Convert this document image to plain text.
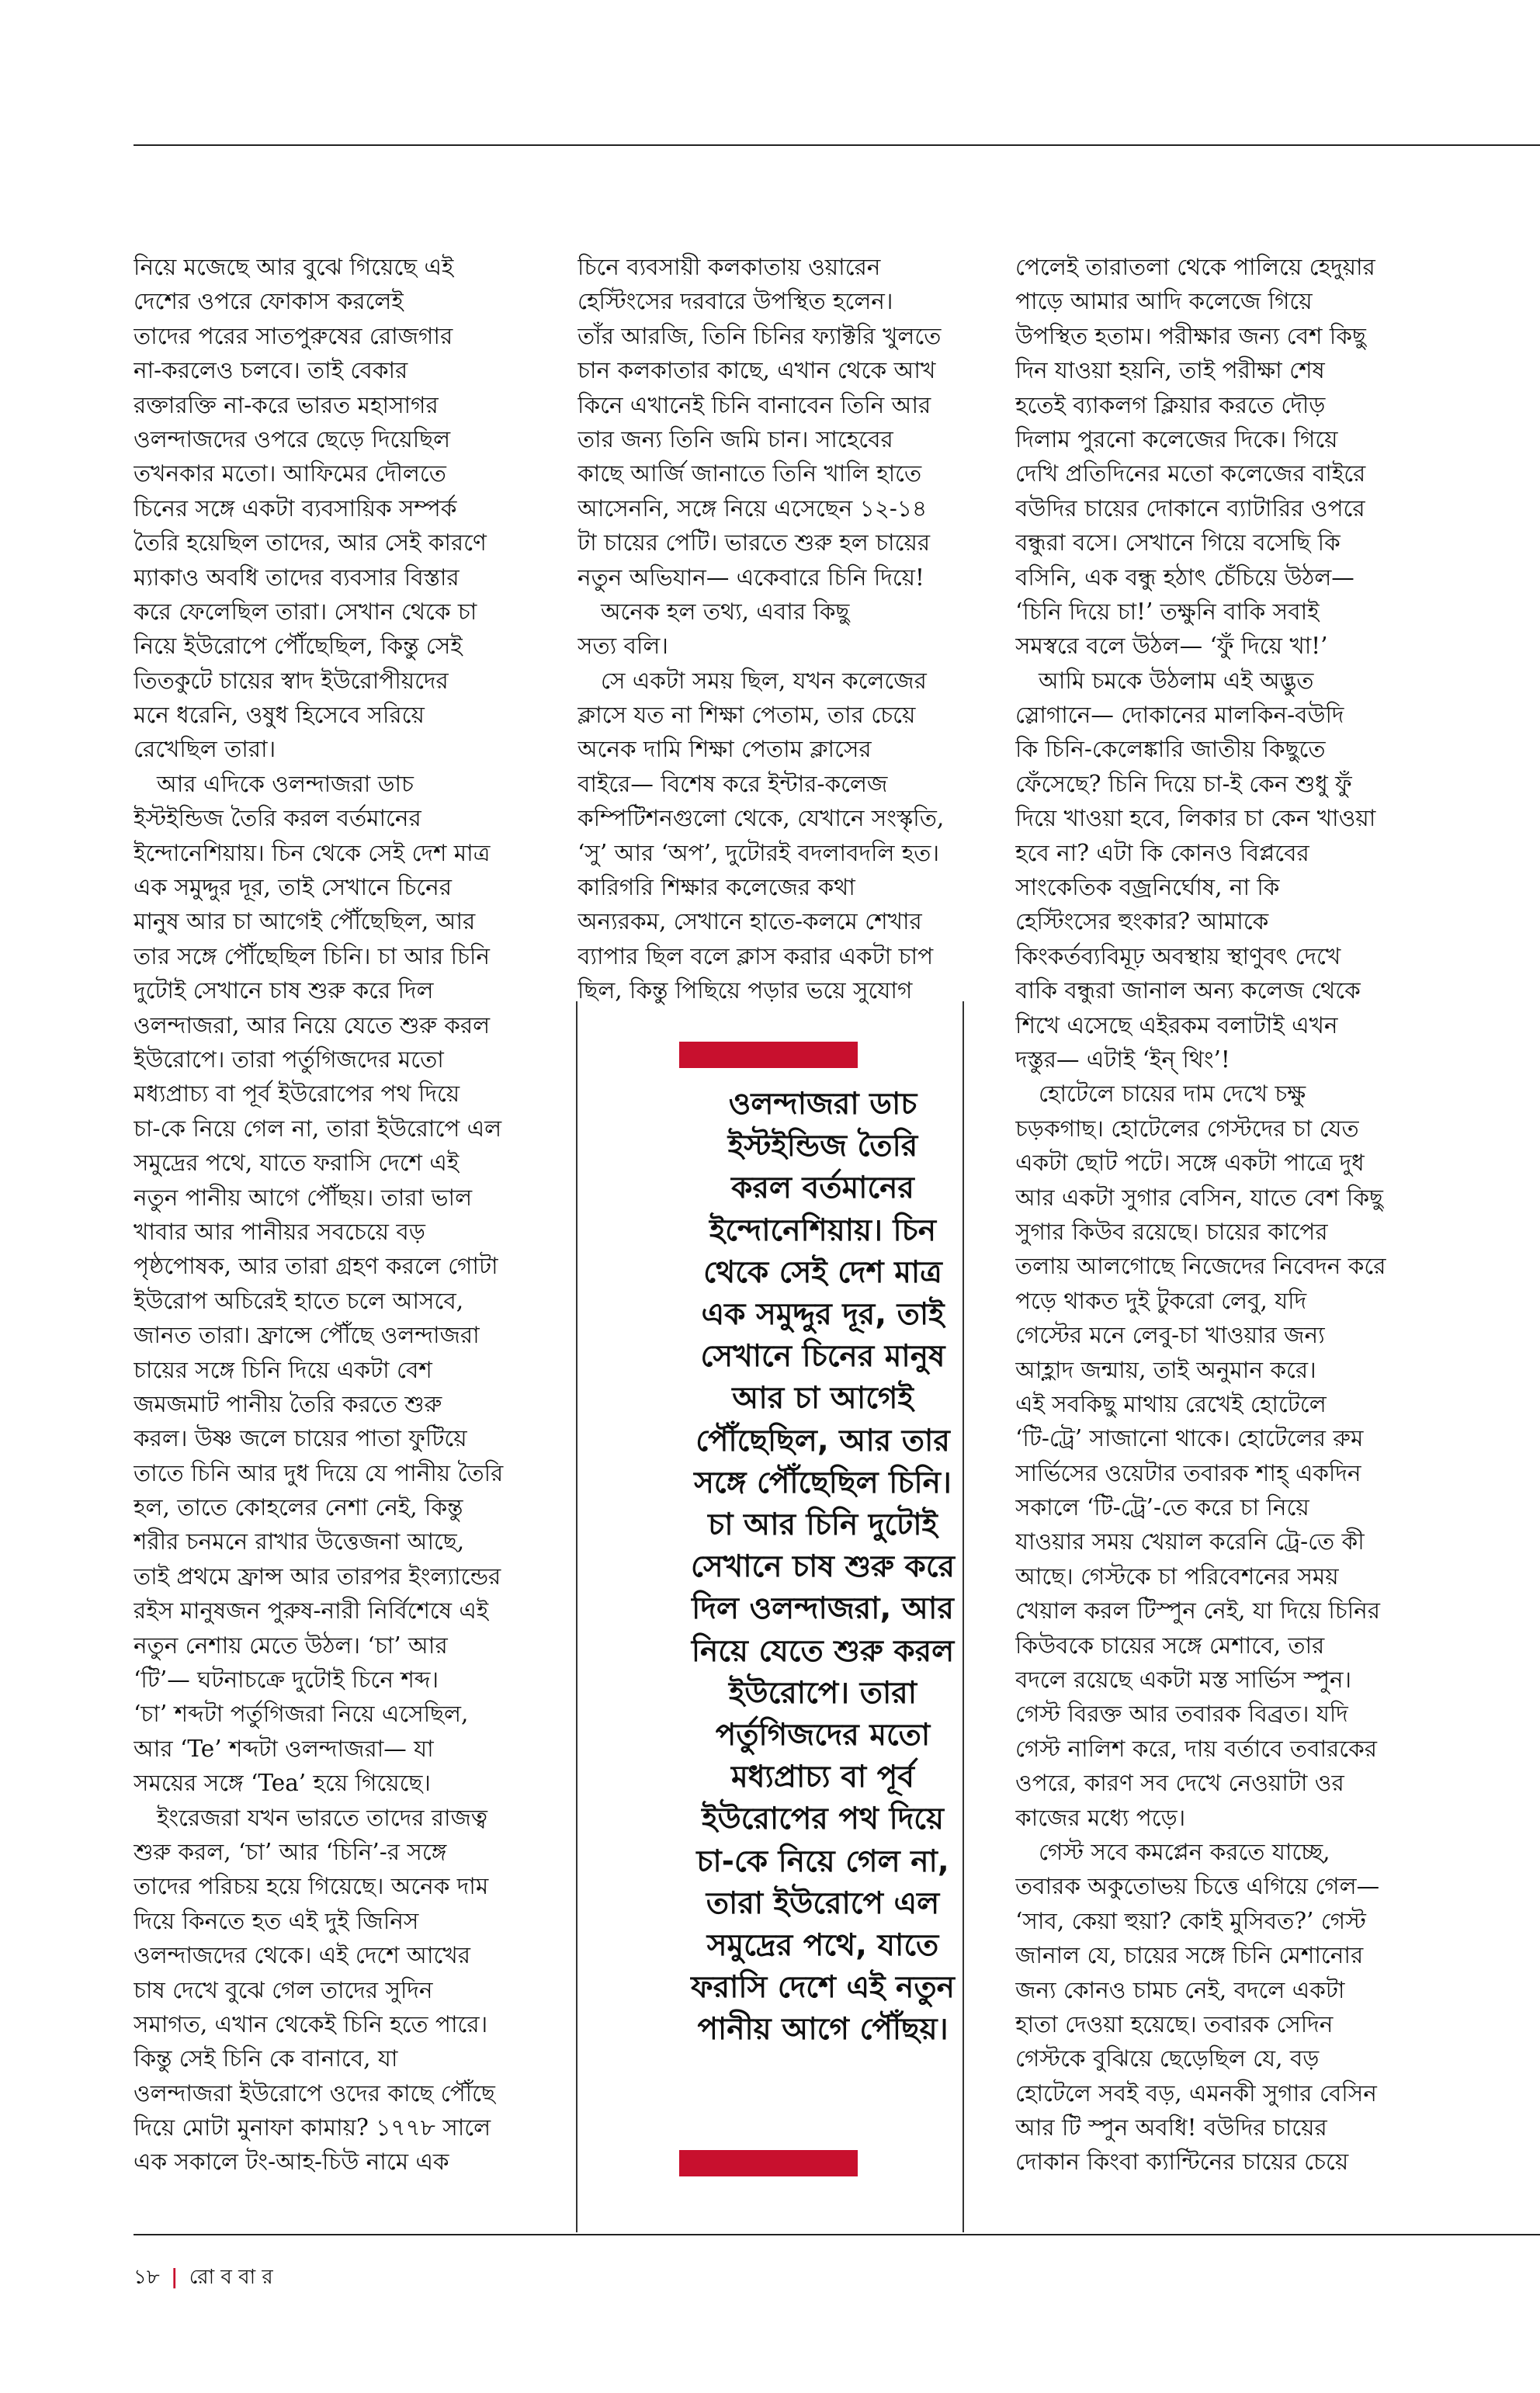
নিয়ে মজেছে আর বুঝে গিয়েছে এই
দেশের ওপরে ফোকাস করলেই
তাদের পরের সাতপুরুষের রোজগার
না-করলেও চলবে। তাই বেকার
রক্তারক্তি না-করে ভারত মহাসাগর
ওলন্দাজদের ওপরে ছেড়ে দিয়েছিল
তখনকার মতো। আফিমের দৌলতে
চিনের সঙ্গে একটা ব্যবসায়িক সম্পর্ক
তৈরি হয়েছিল তাদের, আর সেই কারণে
ম্যাকাও অবধি তাদের ব্যবসার বিস্তার
করে ফেলেছিল তারা। সেখান থেকে চা
নিয়ে ইউরোপে পৌঁছেছিল, কিন্তু সেই
তিতকুটে চায়ের স্বাদ ইউরোপীয়দের
মনে ধরেনি, ওষুধ হিসেবে সরিয়ে
রেখেছিল তারা।
আর এদিকে ওলন্দাজরা ডাচ
ইস্টইন্ডিজ তৈরি করল বর্তমানের
ইন্দোনেশিয়ায়। চিন থেকে সেই দেশ মাত্র
এক সমুদ্দুর দূর, তাই সেখানে চিনের
মানুষ আর চা আগেই পৌঁছেছিল, আর
তার সঙ্গে পৌঁছেছিল চিনি। চা আর চিনি
দুটোই সেখানে চাষ শুরু করে দিল
ওলন্দাজরা, আর নিয়ে যেতে শুরু করল
ইউরোপে। তারা পর্তুগিজদের মতো
মধ্যপ্রাচ্য বা পূর্ব ইউরোপের পথ দিয়ে
চা-কে নিয়ে গেল না, তারা ইউরোপে এল
সমুদ্রের পথে, যাতে ফরাসি দেশে এই
নতুন পানীয় আগে পৌঁছয়। তারা ভাল
খাবার আর পানীয়র সবচেয়ে বড়
পৃষ্ঠপোষক, আর তারা গ্রহণ করলে গোটা
ইউরোপ অচিরেই হাতে চলে আসবে,
জানত তারা। ফ্রান্সে পৌঁছে ওলন্দাজরা
চায়ের সঙ্গে চিনি দিয়ে একটা বেশ
জমজমাট পানীয় তৈরি করতে শুরু
করল। উষ্ণ জলে চায়ের পাতা ফুটিয়ে
তাতে চিনি আর দুধ দিয়ে যে পানীয় তৈরি
হল, তাতে কোহলের নেশা নেই, কিন্তু
শরীর চনমনে রাখার উত্তেজনা আছে,
তাই প্রথমে ফ্রান্স আর তারপর ইংল্যান্ডের
রইস মানুষজন পুরুষ-নারী নির্বিশেষে এই
নতুন নেশায় মেতে উঠল। ‘চা’ আর
‘টি’— ঘটনাচক্রে দুটোই চিনে শব্দ।
‘চা’ শব্দটা পর্তুগিজরা নিয়ে এসেছিল,
আর ‘Te’ শব্দটা ওলন্দাজরা— যা
সময়ের সঙ্গে ‘Tea’ হয়ে গিয়েছে।
ইংরেজরা যখন ভারতে তাদের রাজত্ব
শুরু করল, ‘চা’ আর ‘চিনি’-র সঙ্গে
তাদের পরিচয় হয়ে গিয়েছে। অনেক দাম
দিয়ে কিনতে হত এই দুই জিনিস
ওলন্দাজদের থেকে। এই দেশে আখের
চাষ দেখে বুঝে গেল তাদের সুদিন
সমাগত, এখান থেকেই চিনি হতে পারে।
কিন্তু সেই চিনি কে বানাবে, যা
ওলন্দাজরা ইউরোপে ওদের কাছে পৌঁছে
দিয়ে মোটা মুনাফা কামায়? ১৭৭৮ সালে
এক সকালে টং-আহ-চিউ নামে এক
চিনে ব্যবসায়ী কলকাতায় ওয়ারেন
হেস্টিংসের দরবারে উপস্থিত হলেন।
তাঁর আরজি, তিনি চিনির ফ্যাক্টরি খুলতে
চান কলকাতার কাছে, এখান থেকে আখ
কিনে এখানেই চিনি বানাবেন তিনি আর
তার জন্য তিনি জমি চান। সাহেবের
কাছে আর্জি জানাতে তিনি খালি হাতে
আসেননি, সঙ্গে নিয়ে এসেছেন ১২-১৪
টা চায়ের পেটি। ভারতে শুরু হল চায়ের
নতুন অভিযান— একেবারে চিনি দিয়ে!
অনেক হল তথ্য, এবার কিছু
সত্য বলি।
সে একটা সময় ছিল, যখন কলেজের
ক্লাসে যত না শিক্ষা পেতাম, তার চেয়ে
অনেক দামি শিক্ষা পেতাম ক্লাসের
বাইরে— বিশেষ করে ইন্টার-কলেজ
কম্পিটিশনগুলো থেকে, যেখানে সংস্কৃতি,
‘সু’ আর ‘অপ’, দুটোরই বদলাবদলি হত।
কারিগরি শিক্ষার কলেজের কথা
অন্যরকম, সেখানে হাতে-কলমে শেখার
ব্যাপার ছিল বলে ক্লাস করার একটা চাপ
ছিল, কিন্তু পিছিয়ে পড়ার ভয়ে সুযোগ
পেলেই তারাতলা থেকে পালিয়ে হেদুয়ার
পাড়ে আমার আদি কলেজে গিয়ে
উপস্থিত হতাম। পরীক্ষার জন্য বেশ কিছু
দিন যাওয়া হয়নি, তাই পরীক্ষা শেষ
হতেই ব্যাকলগ ক্লিয়ার করতে দৌড়
দিলাম পুরনো কলেজের দিকে। গিয়ে
দেখি প্রতিদিনের মতো কলেজের বাইরে
বউদির চায়ের দোকানে ব্যাটারির ওপরে
বন্ধুরা বসে। সেখানে গিয়ে বসেছি কি
বসিনি, এক বন্ধু হঠাৎ চেঁচিয়ে উঠল—
‘চিনি দিয়ে চা!’ তক্ষুনি বাকি সবাই
সমস্বরে বলে উঠল— ‘ফুঁ দিয়ে খা!’
আমি চমকে উঠলাম এই অদ্ভুত
স্লোগানে— দোকানের মালকিন-বউদি
কি চিনি-কেলেঙ্কারি জাতীয় কিছুতে
ফেঁসেছে? চিনি দিয়ে চা-ই কেন শুধু ফুঁ
দিয়ে খাওয়া হবে, লিকার চা কেন খাওয়া
হবে না? এটা কি কোনও বিপ্লবের
সাংকেতিক বজ্রনির্ঘোষ, না কি
হেস্টিংসের হুংকার? আমাকে
কিংকর্তব্যবিমূঢ় অবস্থায় স্থাণুবৎ দেখে
বাকি বন্ধুরা জানাল অন্য কলেজ থেকে
শিখে এসেছে এইরকম বলাটাই এখন
দস্তুর— এটাই ‘ইন্ থিং’!
হোটেলে চায়ের দাম দেখে চক্ষু
চড়কগাছ। হোটেলের গেস্টদের চা যেত
একটা ছোট পটে। সঙ্গে একটা পাত্রে দুধ
আর একটা সুগার বেসিন, যাতে বেশ কিছু
সুগার কিউব রয়েছে। চায়ের কাপের
তলায় আলগোছে নিজেদের নিবেদন করে
পড়ে থাকত দুই টুকরো লেবু, যদি
গেস্টের মনে লেবু-চা খাওয়ার জন্য
আহ্লাদ জন্মায়, তাই অনুমান করে।
এই সবকিছু মাথায় রেখেই হোটেলে
‘টি-ট্রে’ সাজানো থাকে। হোটেলের রুম
সার্ভিসের ওয়েটার তবারক শাহ্ একদিন
সকালে ‘টি-ট্রে’-তে করে চা নিয়ে
যাওয়ার সময় খেয়াল করেনি ট্রে-তে কী
আছে। গেস্টকে চা পরিবেশনের সময়
খেয়াল করল টিস্পুন নেই, যা দিয়ে চিনির
কিউবকে চায়ের সঙ্গে মেশাবে, তার
বদলে রয়েছে একটা মস্ত সার্ভিস স্পুন।
গেস্ট বিরক্ত আর তবারক বিব্রত। যদি
গেস্ট নালিশ করে, দায় বর্তাবে তবারকের
ওপরে, কারণ সব দেখে নেওয়াটা ওর
কাজের মধ্যে পড়ে।
গেস্ট সবে কমপ্লেন করতে যাচ্ছে,
তবারক অকুতোভয় চিত্তে এগিয়ে গেল—
‘সাব, কেয়া হুয়া? কোই মুসিবত?’ গেস্ট
জানাল যে, চায়ের সঙ্গে চিনি মেশানোর
জন্য কোনও চামচ নেই, বদলে একটা
হাতা দেওয়া হয়েছে। তবারক সেদিন
গেস্টকে বুঝিয়ে ছেড়েছিল যে, বড়
হোটেলে সবই বড়, এমনকী সুগার বেসিন
আর টি স্পুন অবধি! বউদির চায়ের
দোকান কিংবা ক্যান্টিনের চায়ের চেয়ে
ওলন্দাজরা ডাচ
ইস্টইন্ডিজ তৈরি
করল বর্তমানের
ইন্দোনেশিয়ায়। চিন
থেকে সেই দেশ মাত্র
এক সমুদ্দুর দূর, তাই
সেখানে চিনের মানুষ
আর চা আগেই
পৌঁছেছিল, আর তার
সঙ্গে পৌঁছেছিল চিনি।
চা আর চিনি দুটোই
সেখানে চাষ শুরু করে
দিল ওলন্দাজরা, আর
নিয়ে যেতে শুরু করল
ইউরোপে। তারা
পর্তুগিজদের মতো
মধ্যপ্রাচ্য বা পূর্ব
ইউরোপের পথ দিয়ে
চা-কে নিয়ে গেল না,
তারা ইউরোপে এল
সমুদ্রের পথে, যাতে
ফরাসি দেশে এই নতুন
পানীয় আগে পৌঁছয়।
১৮ | রো ব বা র
